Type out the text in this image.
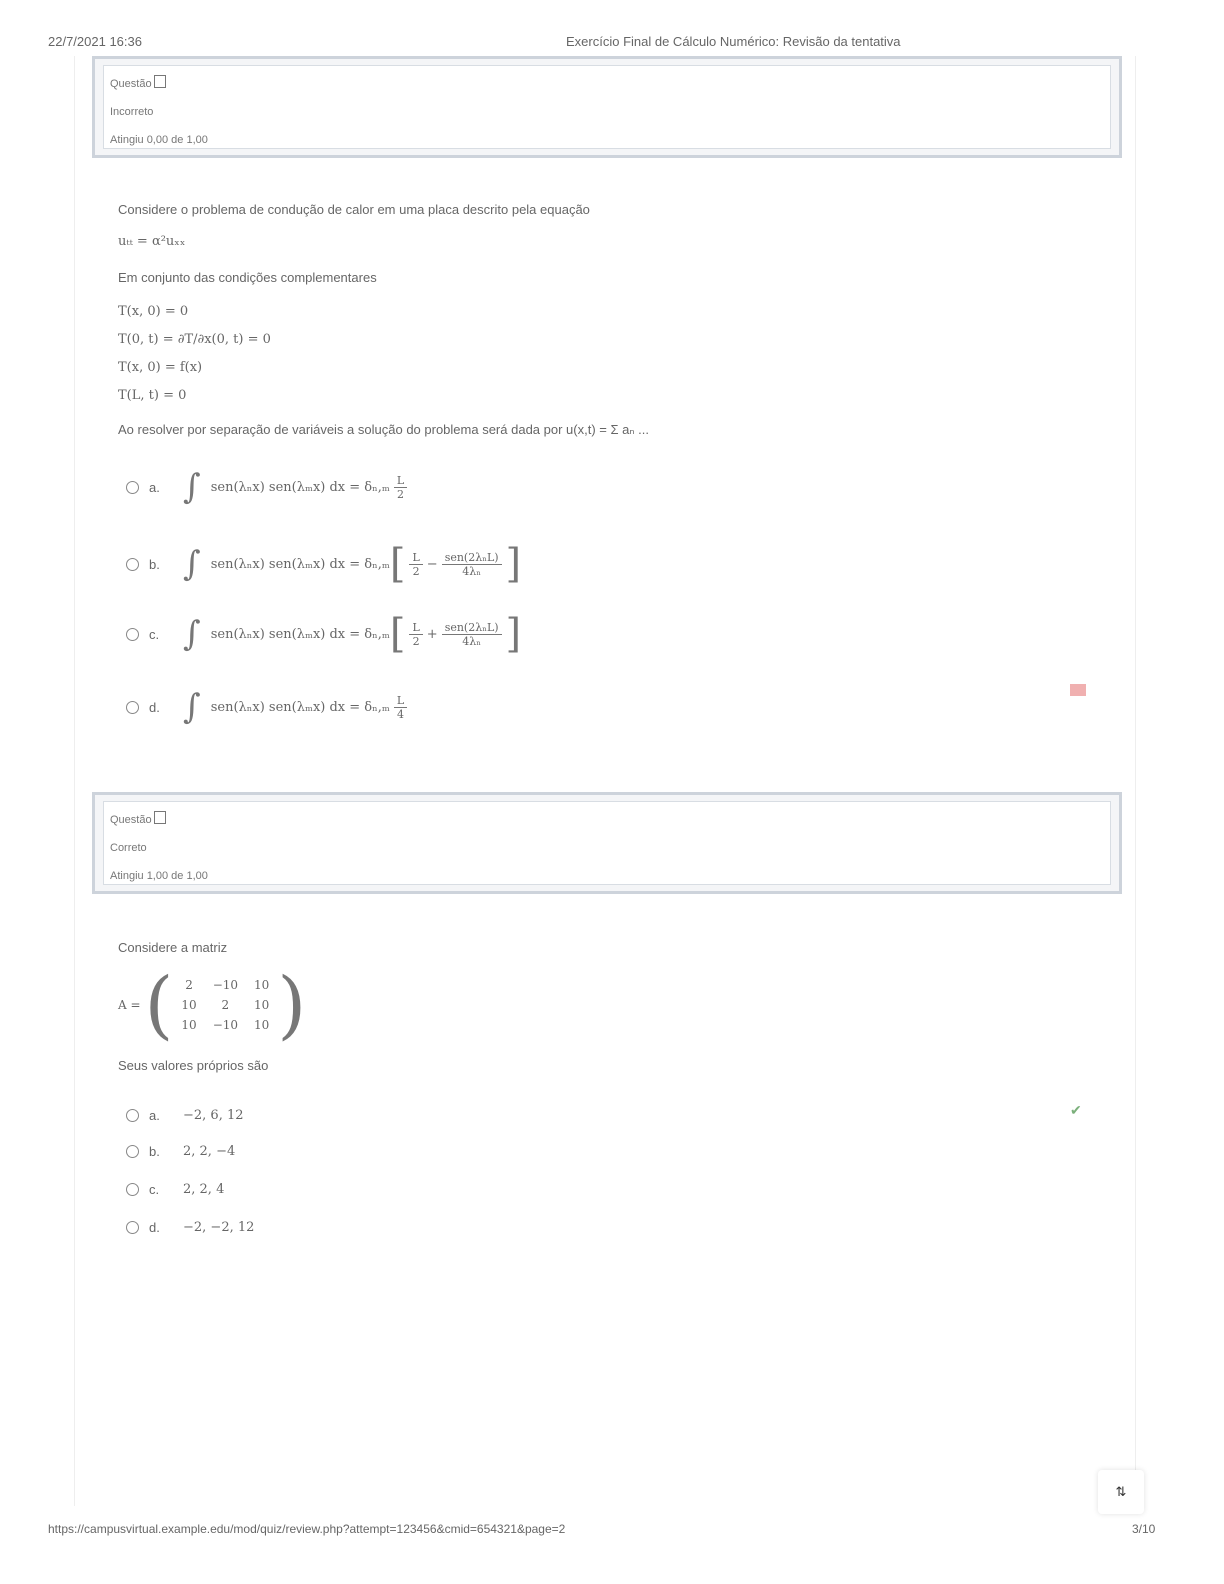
22/7/2021 16:36	Exercício Final de Cálculo Numérico: Revisão da tentativa
Questão
Incorreto
Atingiu 0,00 de 1,00
Considere o problema de condução de calor em uma placa descrito pela equação
uₜₜ = α²uₓₓ
Em conjunto das condições complementares
T(x, 0) = 0
T(0, t) = ∂T/∂x(0, t) = 0
T(x, 0) = f(x)
T(L, t) = 0
Ao resolver por separação de variáveis a solução do problema será dada por u(x,t) = Σ aₙ ...
a. ∫ sen(λₙx) sen(λₘx) dx = $\delta_n,_m \frac{L}{2}$
b. ∫ sen(λₙx) sen(λₘx) dx = δₙ,ₘ [ $\frac{L}{2} - \frac{\text{sen(2λₙL)}}{\text{4λₙ}}$ ]
c. ∫ sen(λₙx) sen(λₘx) dx = δₙ,ₘ [ $\frac{L}{2} + \frac{\text{sen(2λₙL)}}{\text{4λₙ}}$ ]
d. ∫ sen(λₙx) sen(λₘx) dx = $\delta_n,_m \frac{L}{4}$
Questão
Correto
Atingiu 1,00 de 1,00
Considere a matriz
A = ( 2	−10	10
10	2	10
10	−10	10 )
Seus valores próprios são
a.	−2, 6, 12
b.	2, 2, −4
c.	2, 2, 4
d.	−2, −2, 12
✔
⇅
https://campusvirtual.example.edu/mod/quiz/review.php?attempt=123456&cmid=654321&page=2	3/10
